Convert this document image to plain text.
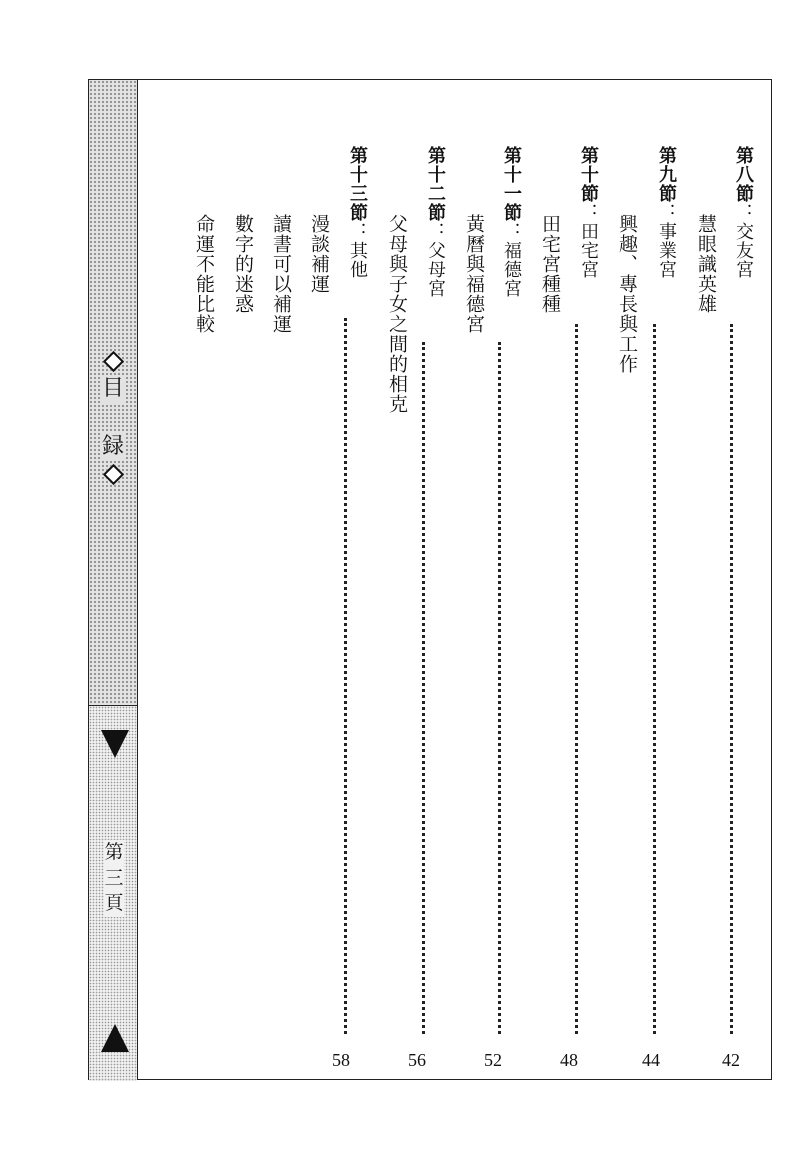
目
録
第
三
頁
第八節：交友宮
慧眼識英雄
42
第九節：事業宮
興趣、專長與工作
44
第十節：田宅宮
田宅宮種種
48
第十一節：福德宮
黃曆與福德宮
52
第十二節：父母宮
父母與子女之間的相克
56
第十三節：其他
58
漫談補運
讀書可以補運
數字的迷惑
命運不能比較
